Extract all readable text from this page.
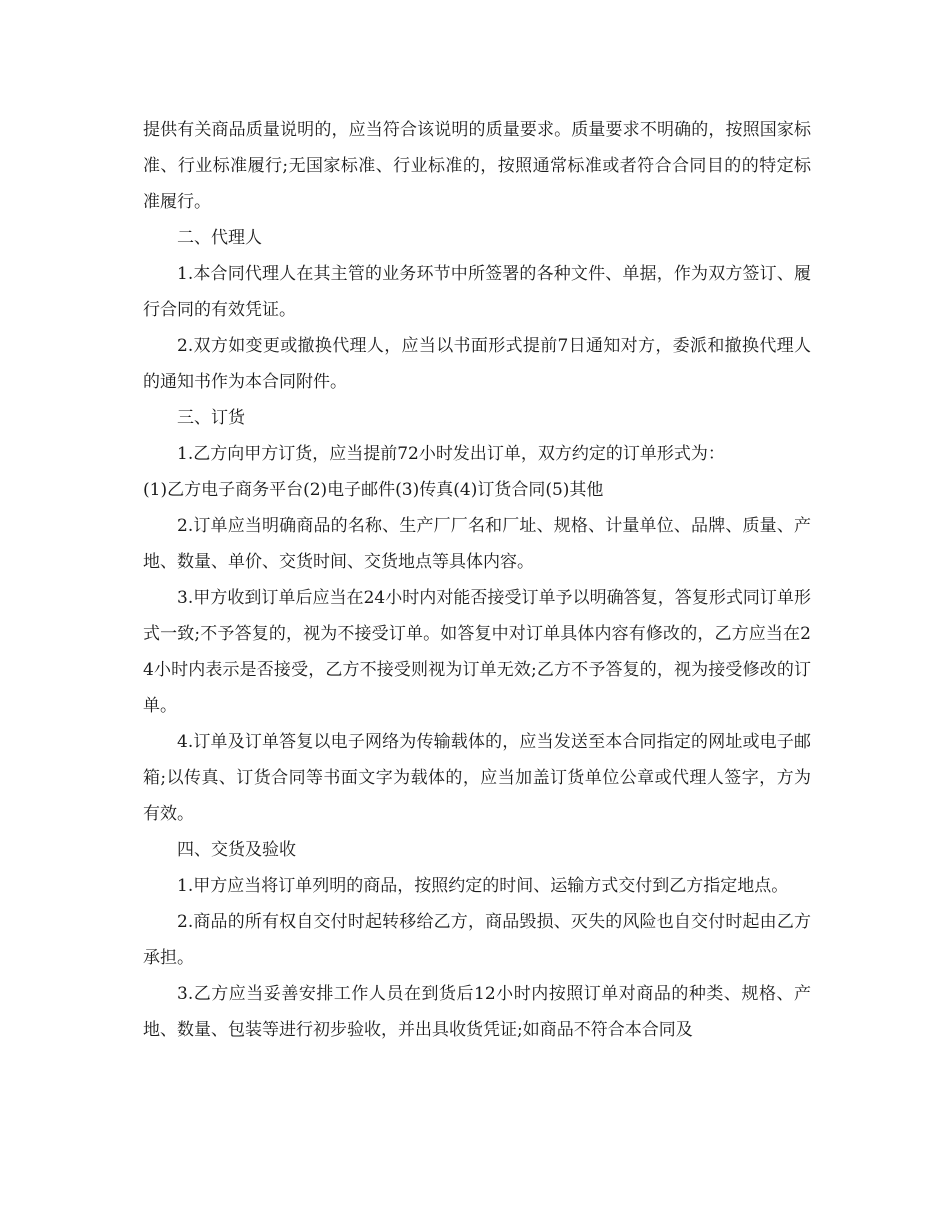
提供有关商品质量说明的，应当符合该说明的质量要求。质量要求不明确的，按照国家标准、行业标准履行;无国家标准、行业标准的，按照通常标准或者符合合同目的的特定标准履行。

二、代理人

1.本合同代理人在其主管的业务环节中所签署的各种文件、单据，作为双方签订、履行合同的有效凭证。

2.双方如变更或撤换代理人，应当以书面形式提前7日通知对方，委派和撤换代理人的通知书作为本合同附件。

三、订货

1.乙方向甲方订货，应当提前72小时发出订单，双方约定的订单形式为：

(1)乙方电子商务平台(2)电子邮件(3)传真(4)订货合同(5)其他

2.订单应当明确商品的名称、生产厂厂名和厂址、规格、计量单位、品牌、质量、产地、数量、单价、交货时间、交货地点等具体内容。

3.甲方收到订单后应当在24小时内对能否接受订单予以明确答复，答复形式同订单形式一致;不予答复的，视为不接受订单。如答复中对订单具体内容有修改的，乙方应当在24小时内表示是否接受，乙方不接受则视为订单无效;乙方不予答复的，视为接受修改的订单。

4.订单及订单答复以电子网络为传输载体的，应当发送至本合同指定的网址或电子邮箱;以传真、订货合同等书面文字为载体的，应当加盖订货单位公章或代理人签字，方为有效。

四、交货及验收

1.甲方应当将订单列明的商品，按照约定的时间、运输方式交付到乙方指定地点。

2.商品的所有权自交付时起转移给乙方，商品毁损、灭失的风险也自交付时起由乙方承担。

3.乙方应当妥善安排工作人员在到货后12小时内按照订单对商品的种类、规格、产地、数量、包装等进行初步验收，并出具收货凭证;如商品不符合本合同及
